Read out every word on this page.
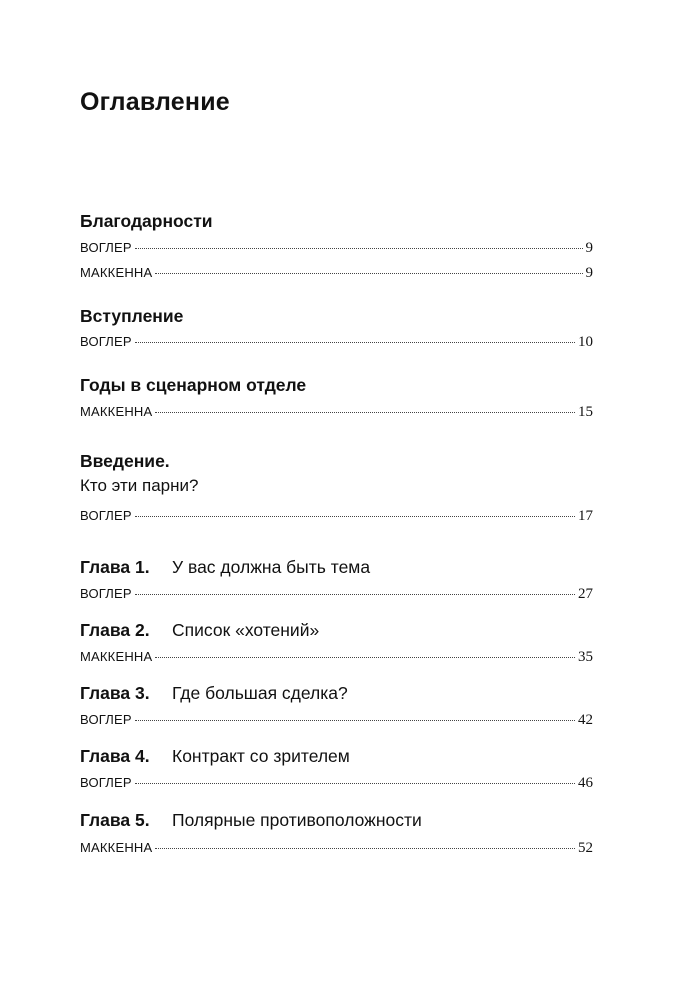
Оглавление
Благодарности
ВОГЛЕР	9
МАККЕННА	9
Вступление
ВОГЛЕР	10
Годы в сценарном отделе
МАККЕННА	15
Введение.
Кто эти парни?
ВОГЛЕР	17
Глава 1. У вас должна быть тема
ВОГЛЕР	27
Глава 2. Список «хотений»
МАККЕННА	35
Глава 3. Где большая сделка?
ВОГЛЕР	42
Глава 4. Контракт со зрителем
ВОГЛЕР	46
Глава 5. Полярные противоположности
МАККЕННА	52
